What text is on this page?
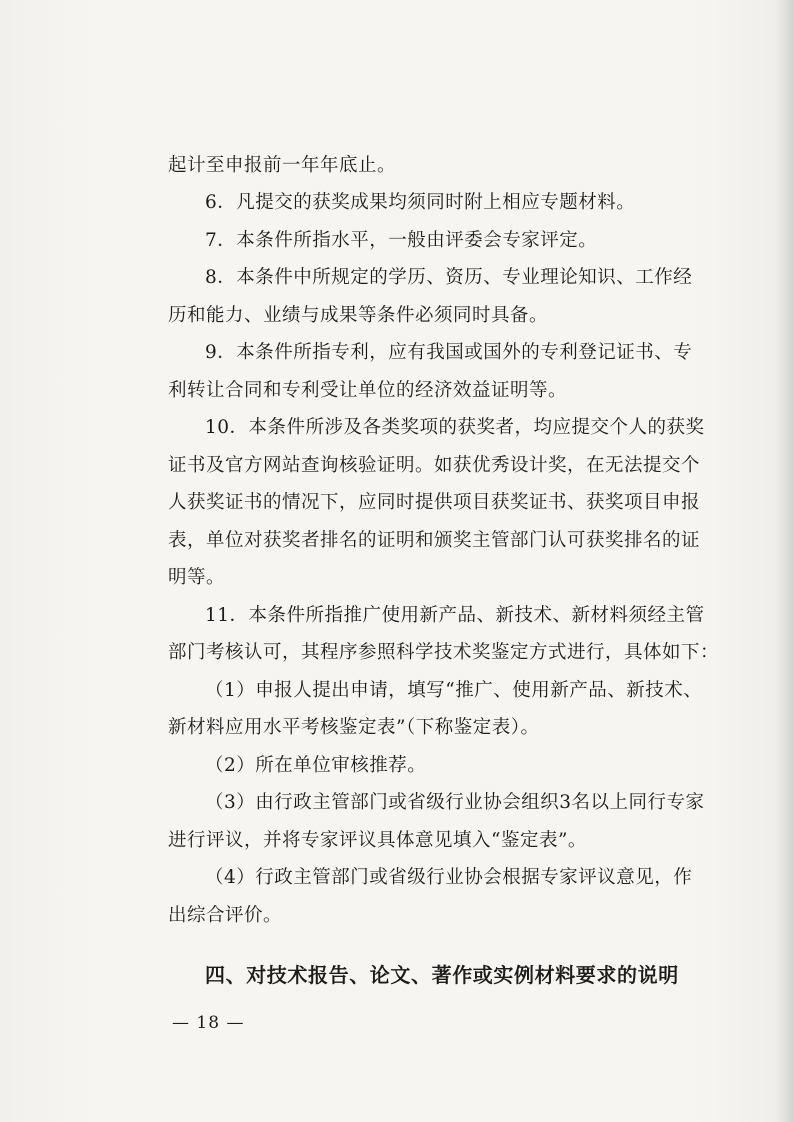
起计至申报前一年年底止。
6．凡提交的获奖成果均须同时附上相应专题材料。
7．本条件所指水平，一般由评委会专家评定。
8．本条件中所规定的学历、资历、专业理论知识、工作经
历和能力、业绩与成果等条件必须同时具备。
9．本条件所指专利，应有我国或国外的专利登记证书、专
利转让合同和专利受让单位的经济效益证明等。
10．本条件所涉及各类奖项的获奖者，均应提交个人的获奖
证书及官方网站查询核验证明。如获优秀设计奖，在无法提交个
人获奖证书的情况下，应同时提供项目获奖证书、获奖项目申报
表，单位对获奖者排名的证明和颁奖主管部门认可获奖排名的证
明等。
11．本条件所指推广使用新产品、新技术、新材料须经主管
部门考核认可，其程序参照科学技术奖鉴定方式进行，具体如下：
（1）申报人提出申请，填写“推广、使用新产品、新技术、
新材料应用水平考核鉴定表”（下称鉴定表）。
（2）所在单位审核推荐。
（3）由行政主管部门或省级行业协会组织3名以上同行专家
进行评议，并将专家评议具体意见填入“鉴定表”。
（4）行政主管部门或省级行业协会根据专家评议意见，作
出综合评价。
四、对技术报告、论文、著作或实例材料要求的说明
— 18 —
